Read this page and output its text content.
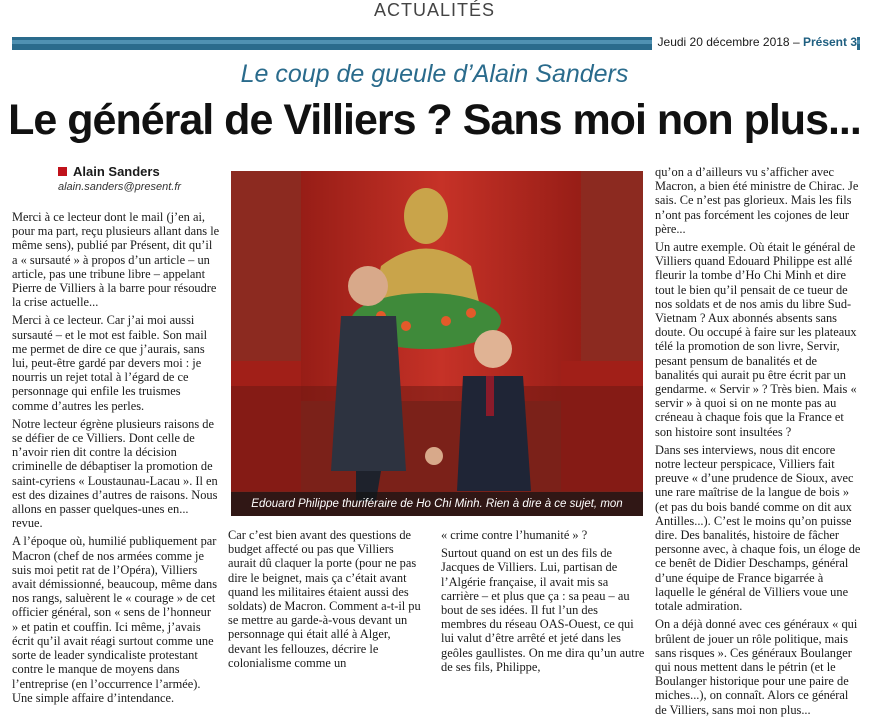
ACTUALITÉS
Jeudi 20 décembre 2018 – Présent 3
Le coup de gueule d’Alain Sanders
Le général de Villiers ? Sans moi non plus...
Alain Sanders
alain.sanders@present.fr

Merci à ce lecteur dont le mail (j’en ai, pour ma part, reçu plusieurs allant dans le même sens), publié par Présent, dit qu’il a « sursauté » à propos d’un article – un article, pas une tribune libre – appelant Pierre de Villiers à la barre pour résoudre la crise actuelle...

Merci à ce lecteur. Car j’ai moi aussi sursauté – et le mot est faible. Son mail me permet de dire ce que j’aurais, sans lui, peut-être gardé par devers moi : je nourris un rejet total à l’égard de ce personnage qui enfile les truismes comme d’autres les perles.

Notre lecteur égrène plusieurs raisons de se défier de ce Villiers. Dont celle de n’avoir rien dit contre la décision criminelle de débaptiser la promotion de saint-cyriens « Loustaunau-Lacau ». Il en est des dizaines d’autres de raisons. Nous allons en passer quelques-unes en... revue.

A l’époque où, humilié publiquement par Macron (chef de nos armées comme je suis moi petit rat de l’Opéra), Villiers avait démissionné, beaucoup, même dans nos rangs, saluèrent le « courage » de cet officier général, son « sens de l’honneur » et patin et couffin. Ici même, j’avais écrit qu’il avait réagi surtout comme une sorte de leader syndicaliste protestant contre le manque de moyens dans l’entreprise (en l’occurrence l’armée). Une simple affaire d’intendance.

Edouard Philippe thuriféraire de Ho Chi Minh. Rien à dire à ce sujet, mon général ?

Car c’est bien avant des questions de budget affecté ou pas que Villiers aurait dû claquer la porte (pour ne pas dire le beignet, mais ça c’était avant quand les militaires étaient aussi des soldats) de Macron. Comment a-t-il pu se mettre au garde-à-vous devant un personnage qui était allé à Alger, devant les fellouzes, décrire le colonialisme comme un

« crime contre l’humanité » ?

Surtout quand on est un des fils de Jacques de Villiers. Lui, partisan de l’Algérie française, il avait mis sa carrière – et plus que ça : sa peau – au bout de ses idées. Il fut l’un des membres du réseau OAS-Ouest, ce qui lui valut d’être arrêté et jeté dans les geôles gaullistes. On me dira qu’un autre de ses fils, Philippe,

qu’on a d’ailleurs vu s’afficher avec Macron, a bien été ministre de Chirac. Je sais. Ce n’est pas glorieux. Mais les fils n’ont pas forcément les cojones de leur père...

Un autre exemple. Où était le général de Villiers quand Edouard Philippe est allé fleurir la tombe d’Ho Chi Minh et dire tout le bien qu’il pensait de ce tueur de nos soldats et de nos amis du libre Sud-Vietnam ? Aux abonnés absents sans doute. Ou occupé à faire sur les plateaux télé la promotion de son livre, Servir, pesant pensum de banalités et de banalités qui aurait pu être écrit par un gendarme. « Servir » ? Très bien. Mais « servir » à quoi si on ne monte pas au créneau à chaque fois que la France et son histoire sont insultées ?

Dans ses interviews, nous dit encore notre lecteur perspicace, Villiers fait preuve « d’une prudence de Sioux, avec une rare maîtrise de la langue de bois » (et pas du bois bandé comme on dit aux Antilles...). C’est le moins qu’on puisse dire. Des banalités, histoire de fâcher personne avec, à chaque fois, un éloge de ce benêt de Didier Deschamps, général d’une équipe de France bigarrée à laquelle le général de Villiers voue une totale admiration.

On a déjà donné avec ces généraux « qui brûlent de jouer un rôle politique, mais sans risques ». Ces généraux Boulanger qui nous mettent dans le pétrin (et le Boulanger historique pour une paire de miches...), on connaît. Alors ce général de Villiers, sans moi non plus...
